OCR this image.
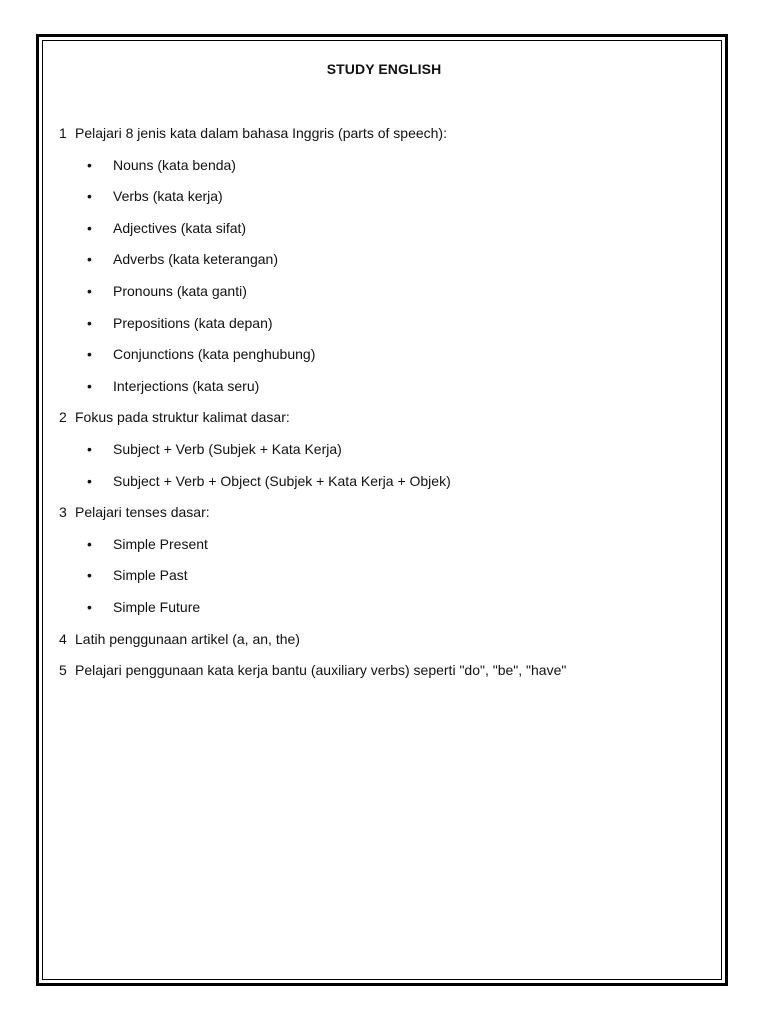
STUDY ENGLISH
1 Pelajari 8 jenis kata dalam bahasa Inggris (parts of speech):
• Nouns (kata benda)
• Verbs (kata kerja)
• Adjectives (kata sifat)
• Adverbs (kata keterangan)
• Pronouns (kata ganti)
• Prepositions (kata depan)
• Conjunctions (kata penghubung)
• Interjections (kata seru)
2 Fokus pada struktur kalimat dasar:
• Subject + Verb (Subjek + Kata Kerja)
• Subject + Verb + Object (Subjek + Kata Kerja + Objek)
3 Pelajari tenses dasar:
• Simple Present
• Simple Past
• Simple Future
4 Latih penggunaan artikel (a, an, the)
5 Pelajari penggunaan kata kerja bantu (auxiliary verbs) seperti "do", "be", "have"
